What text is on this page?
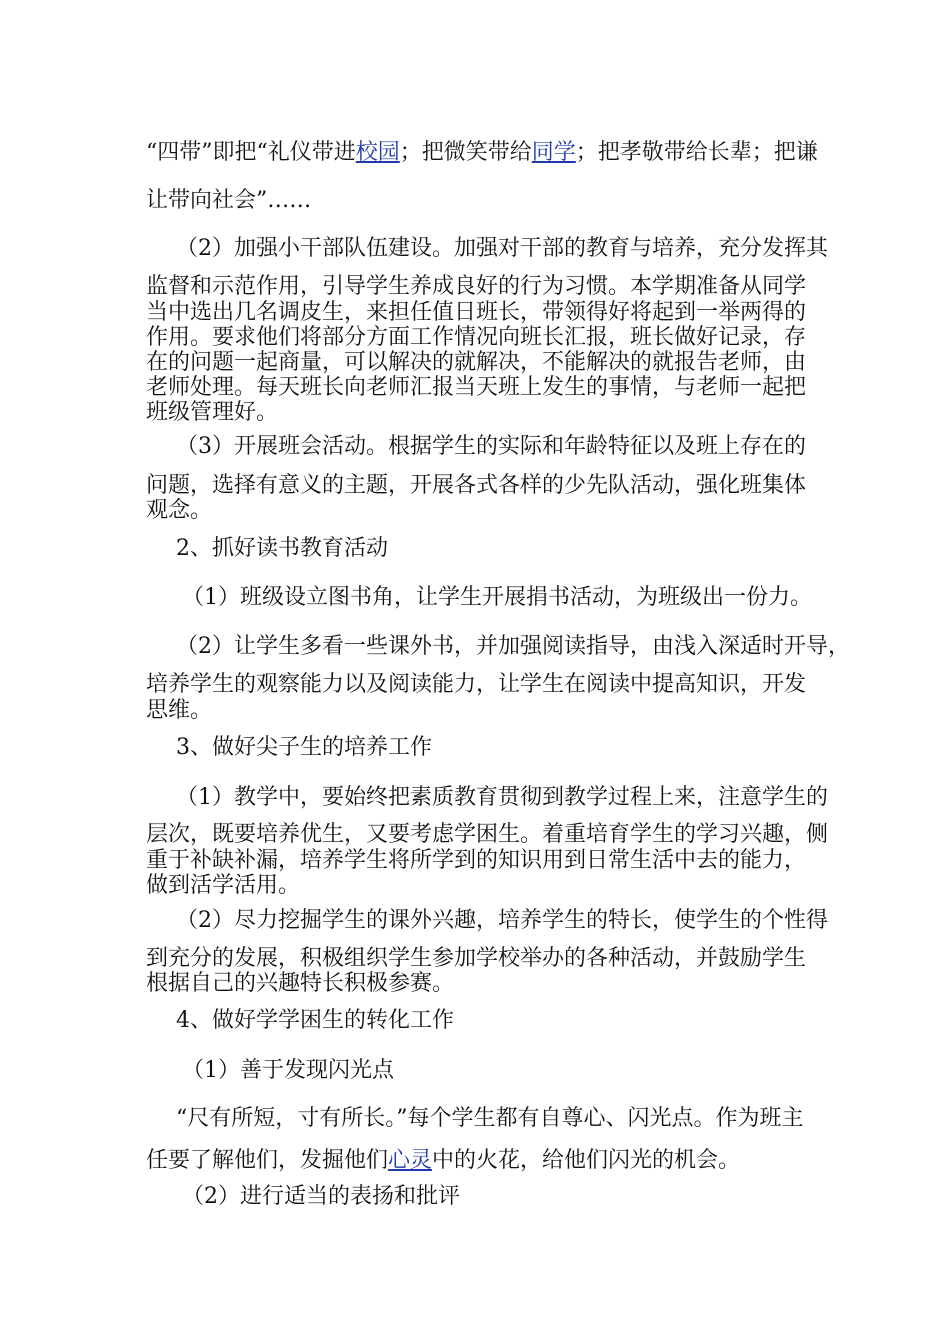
“四带”即把“礼仪带进校园；把微笑带给同学；把孝敬带给长辈；把谦

让带向社会”……

（2）加强小干部队伍建设。加强对干部的教育与培养，充分发挥其

监督和示范作用，引导学生养成良好的行为习惯。本学期准备从同学

当中选出几名调皮生，来担任值日班长，带领得好将起到一举两得的

作用。要求他们将部分方面工作情况向班长汇报，班长做好记录，存

在的问题一起商量，可以解决的就解决，不能解决的就报告老师，由

老师处理。每天班长向老师汇报当天班上发生的事情，与老师一起把

班级管理好。

（3）开展班会活动。根据学生的实际和年龄特征以及班上存在的

问题，选择有意义的主题，开展各式各样的少先队活动，强化班集体

观念。

2、抓好读书教育活动

（1）班级设立图书角，让学生开展捐书活动，为班级出一份力。

（2）让学生多看一些课外书，并加强阅读指导，由浅入深适时开导，

培养学生的观察能力以及阅读能力，让学生在阅读中提高知识，开发

思维。

3、做好尖子生的培养工作

（1）教学中，要始终把素质教育贯彻到教学过程上来，注意学生的

层次，既要培养优生，又要考虑学困生。着重培育学生的学习兴趣，侧

重于补缺补漏，培养学生将所学到的知识用到日常生活中去的能力，

做到活学活用。

（2）尽力挖掘学生的课外兴趣，培养学生的特长，使学生的个性得

到充分的发展，积极组织学生参加学校举办的各种活动，并鼓励学生

根据自己的兴趣特长积极参赛。

4、做好学学困生的转化工作

（1）善于发现闪光点

“尺有所短，寸有所长。”每个学生都有自尊心、闪光点。作为班主

任要了解他们，发掘他们心灵中的火花，给他们闪光的机会。

（2）进行适当的表扬和批评
